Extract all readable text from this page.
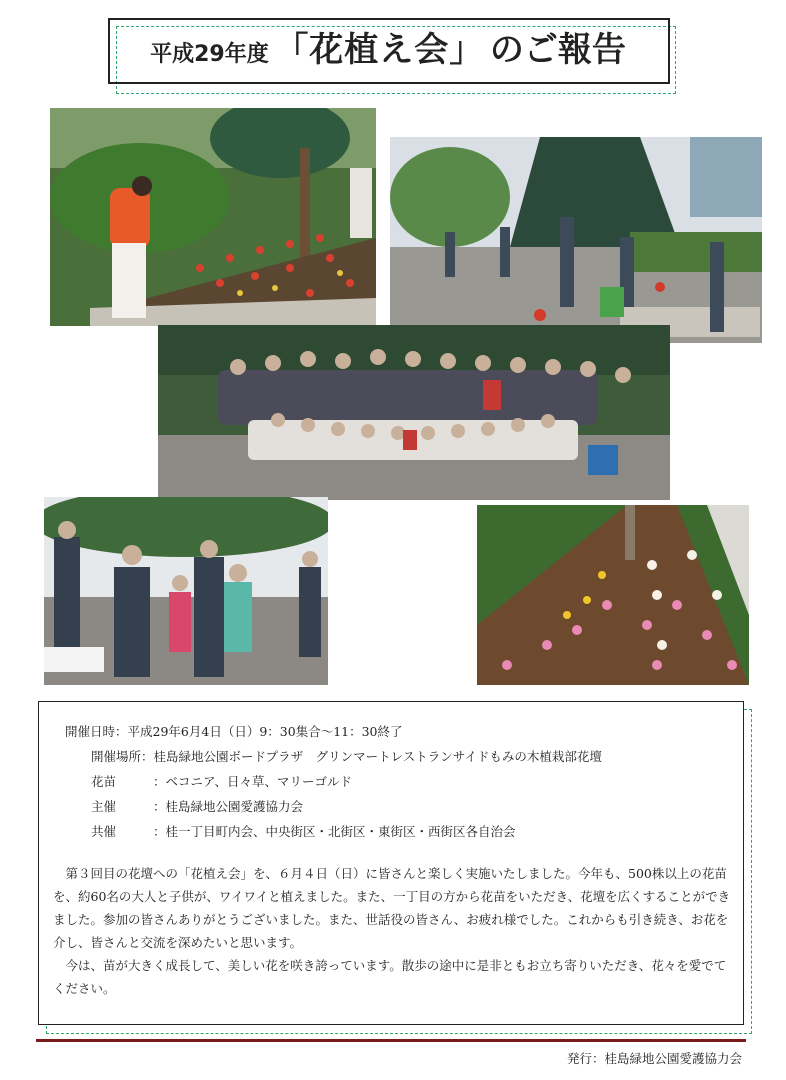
平成29年度 「花植え会」 のご報告
開催日時：平成29年6月4日（日）9：30集合～11：30終了
開催場所：桂島緑地公園ボードプラザ　グリンマートレストランサイドもみの木植栽部花壇
花苗	：ベコニア、日々草、マリーゴルド
主催	：桂島緑地公園愛護協力会
共催	：桂一丁目町内会、中央街区・北街区・東街区・西街区各自治会

第３回目の花壇への「花植え会」を、６月４日（日）に皆さんと楽しく実施いたしました。今年も、500株以上の花苗を、約60名の大人と子供が、ワイワイと植えました。また、一丁目の方から花苗をいただき、花壇を広くすることができました。参加の皆さんありがとうございました。また、世話役の皆さん、お疲れ様でした。これからも引き続き、お花を介し、皆さんと交流を深めたいと思います。

今は、苗が大きく成長して、美しい花を咲き誇っています。散歩の途中に是非ともお立ち寄りいただき、花々を愛でてください。

発行：桂島緑地公園愛護協力会
